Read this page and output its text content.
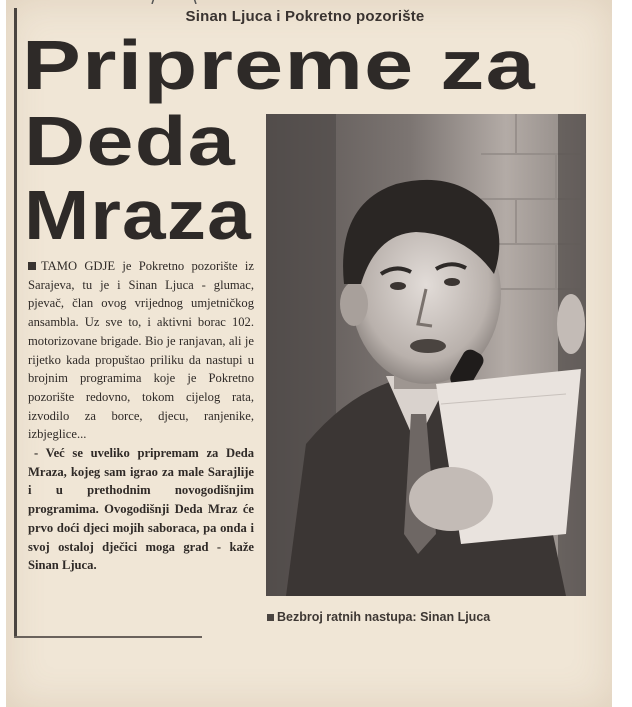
Sinan Ljuca i Pokretno pozorište
Pripreme za
Deda
Mraza

TAMO GDJE je Pokretno pozorište iz Sarajeva, tu je i Sinan Ljuca - glumac, pjevač, član ovog vrijednog umjetničkog ansambla. Uz sve to, i aktivni borac 102. motorizovane brigade. Bio je ranjavan, ali je rijetko kada propuštao priliku da nastupi u brojnim programima koje je Pokretno pozorište redovno, tokom cijelog rata, izvodilo za borce, djecu, ranjenike, izbjeglice...

- Već se uveliko pripremam za Deda Mraza, kojeg sam igrao za male Sarajlije i u prethodnim novogodišnjim programima. Ovogodišnji Deda Mraz će prvo doći djeci mojih saboraca, pa onda i svoj ostaloj dječici moga grad - kaže Sinan Ljuca.

Bezbroj ratnih nastupa: Sinan Ljuca
